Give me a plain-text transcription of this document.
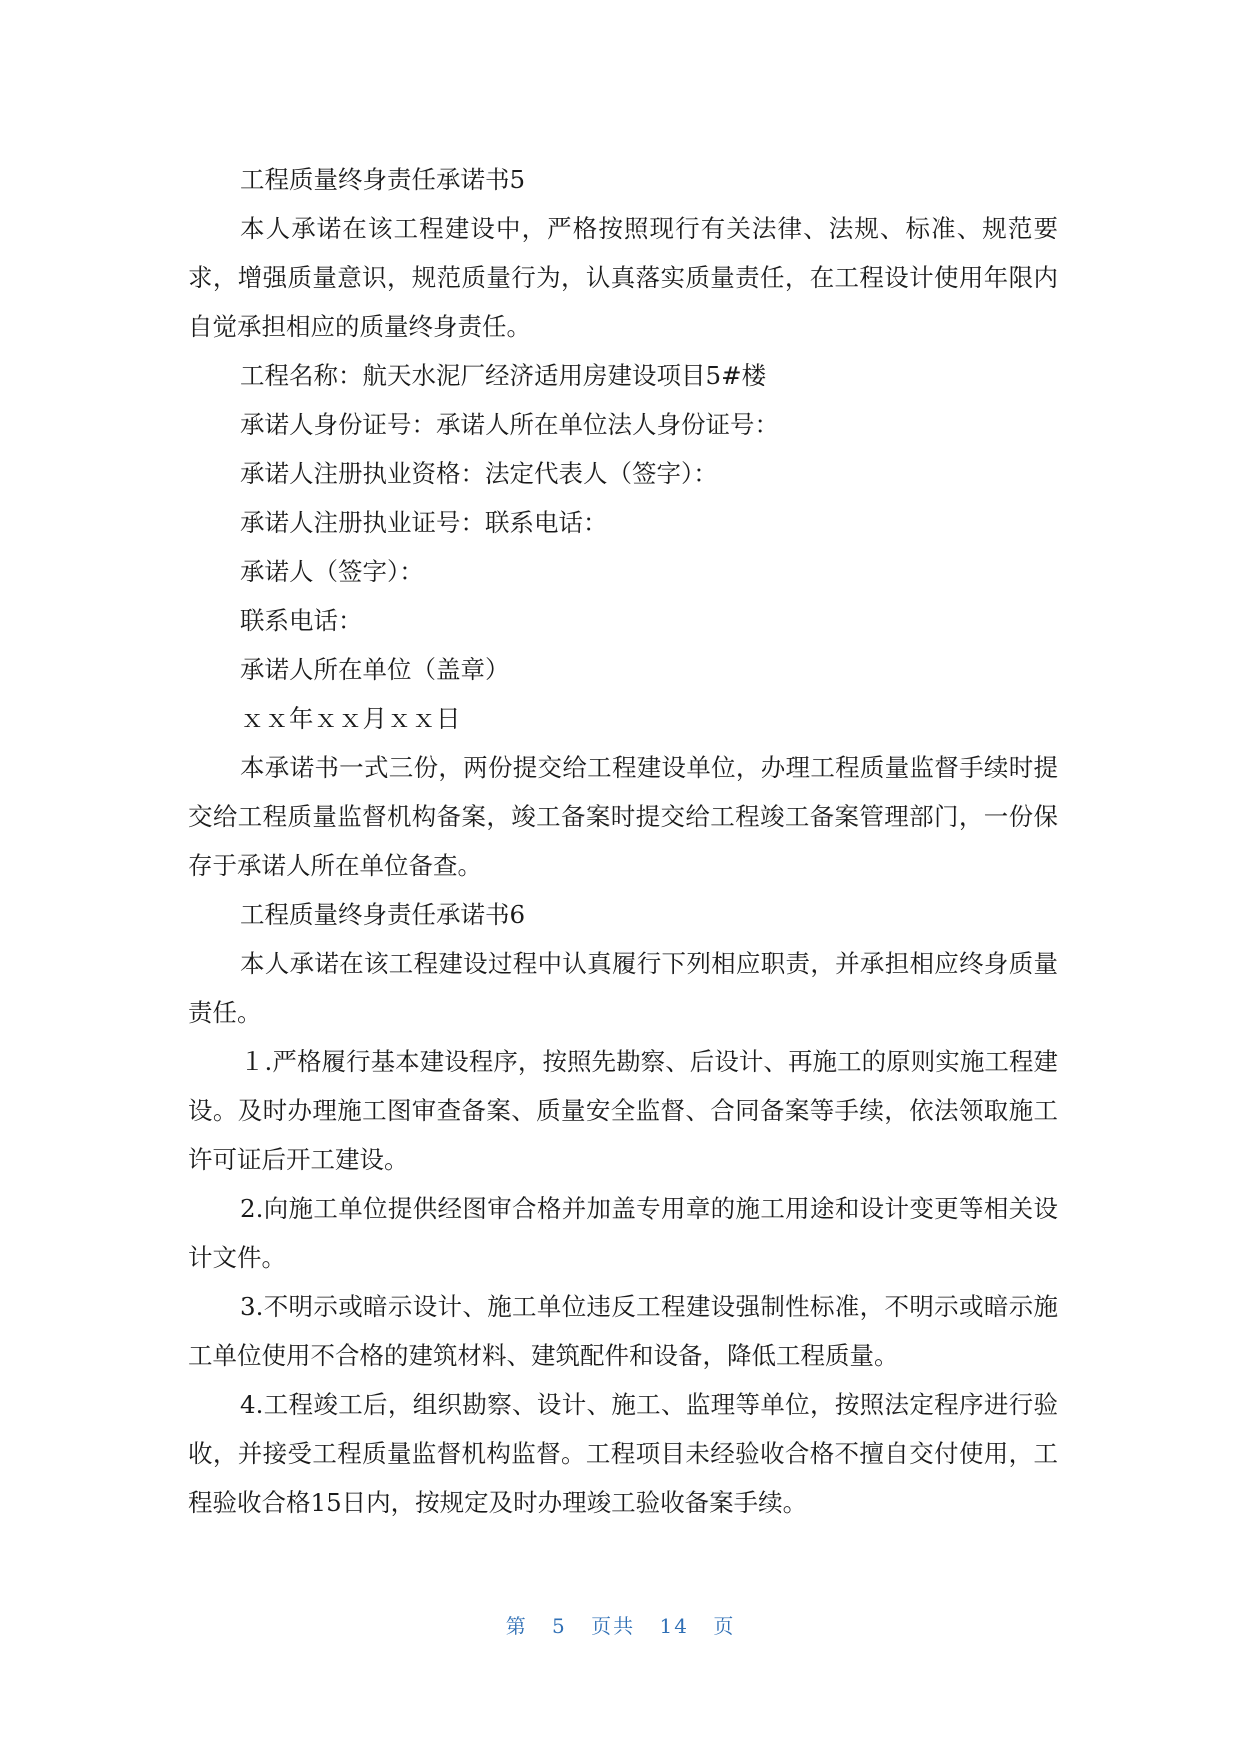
工程质量终身责任承诺书5

本人承诺在该工程建设中，严格按照现行有关法律、法规、标准、规范要求，增强质量意识，规范质量行为，认真落实质量责任，在工程设计使用年限内自觉承担相应的质量终身责任。

工程名称：航天水泥厂经济适用房建设项目5#楼

承诺人身份证号：承诺人所在单位法人身份证号：

承诺人注册执业资格：法定代表人（签字）：

承诺人注册执业证号：联系电话：

承诺人（签字）：

联系电话：

承诺人所在单位（盖章）

ｘｘ年ｘｘ月ｘｘ日

本承诺书一式三份，两份提交给工程建设单位，办理工程质量监督手续时提交给工程质量监督机构备案，竣工备案时提交给工程竣工备案管理部门，一份保存于承诺人所在单位备查。

工程质量终身责任承诺书6

本人承诺在该工程建设过程中认真履行下列相应职责，并承担相应终身质量责任。

１.严格履行基本建设程序，按照先勘察、后设计、再施工的原则实施工程建设。及时办理施工图审查备案、质量安全监督、合同备案等手续，依法领取施工许可证后开工建设。

2.向施工单位提供经图审合格并加盖专用章的施工用途和设计变更等相关设计文件。

3.不明示或暗示设计、施工单位违反工程建设强制性标准，不明示或暗示施工单位使用不合格的建筑材料、建筑配件和设备，降低工程质量。

4.工程竣工后，组织勘察、设计、施工、监理等单位，按照法定程序进行验收，并接受工程质量监督机构监督。工程项目未经验收合格不擅自交付使用，工程验收合格15日内，按规定及时办理竣工验收备案手续。

第 5 页共 14 页
